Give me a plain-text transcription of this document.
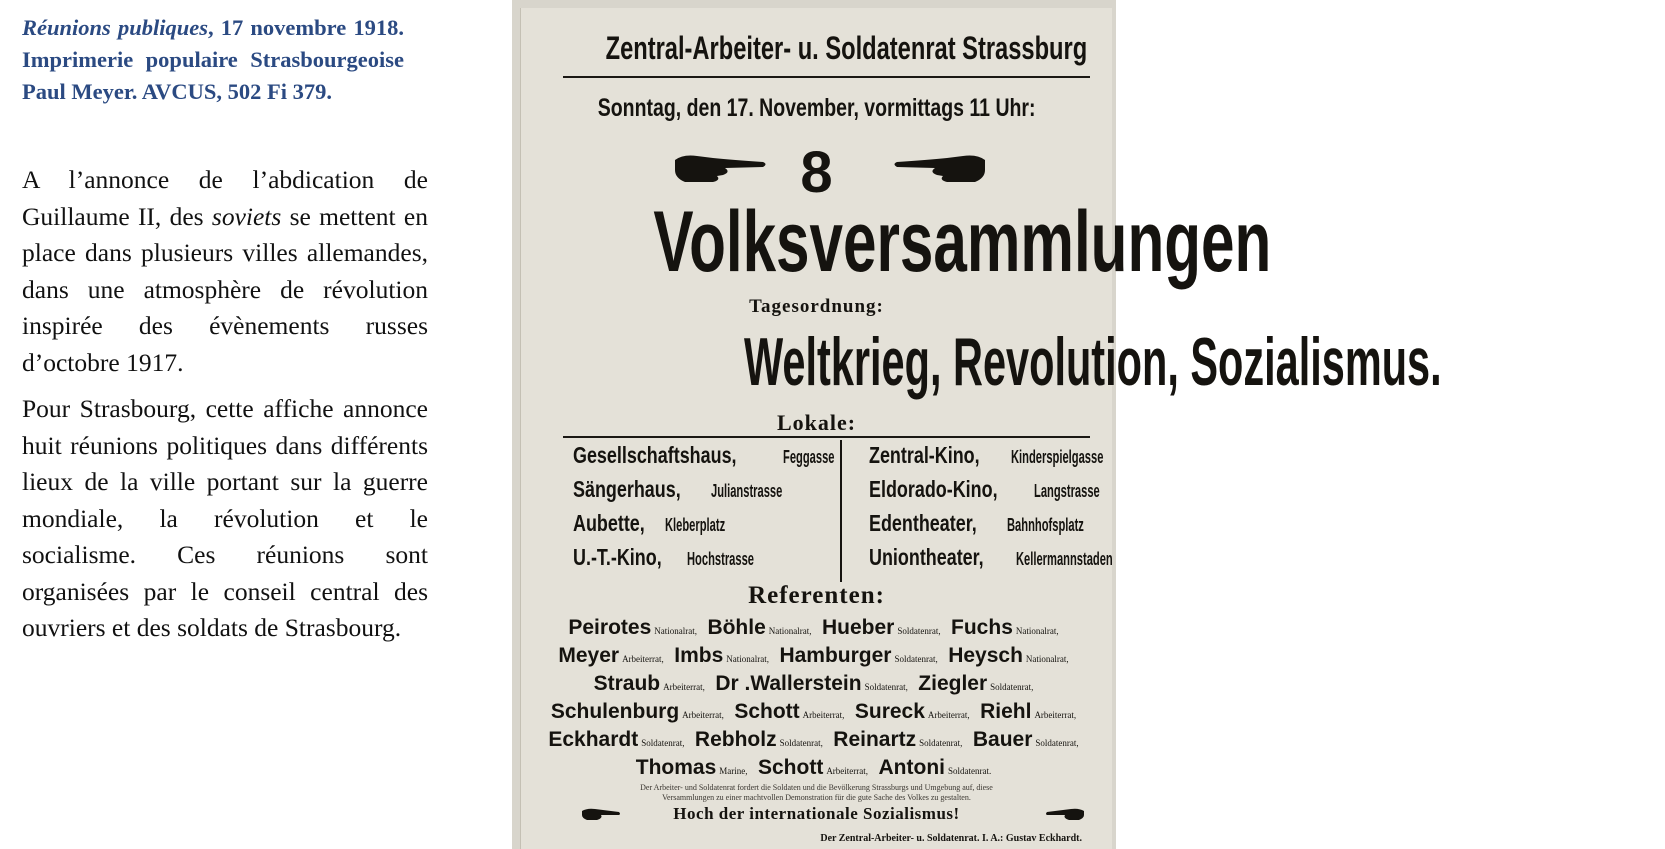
Réunions publiques, 17 novembre 1918. Imprimerie populaire Strasbourgeoise Paul Meyer. AVCUS, 502 Fi 379.

A l’annonce de l’abdication de Guillaume II, des soviets se mettent en place dans plusieurs villes allemandes, dans une atmosphère de révolution inspirée des évènements russes d’octobre 1917.

Pour Strasbourg, cette affiche annonce huit réunions politiques dans différents lieux de la ville portant sur la guerre mondiale, la révolution et le socialisme. Ces réunions sont organisées par le conseil central des ouvriers et des soldats de Strasbourg.

Zentral-Arbeiter- u. Soldatenrat Strassburg
Sonntag, den 17. November, vormittags 11 Uhr:
8
Volksversammlungen
Tagesordnung:
Weltkrieg, Revolution, Sozialismus.
Lokale:
Gesellschaftshaus,	Feggasse
Sängerhaus, Julianstrasse
Aubette, Kleberplatz
U.-T.-Kino, Hochstrasse
Zentral-Kino, Kinderspielgasse
Eldorado-Kino, Langstrasse
Edentheater, Bahnhofsplatz
Uniontheater, Kellermannstaden
Referenten:
Peirotes Nationalrat, Böhle Nationalrat, Hueber Soldatenrat, Fuchs Nationalrat,
Meyer Arbeiterrat, Imbs Nationalrat, Hamburger Soldatenrat, Heysch Nationalrat,
Straub Arbeiterrat, Dr .Wallerstein Soldatenrat, Ziegler Soldatenrat,
Schulenburg Arbeiterrat, Schott Arbeiterrat, Sureck Arbeiterrat, Riehl Arbeiterrat,
Eckhardt Soldatenrat, Rebholz Soldatenrat, Reinartz Soldatenrat, Bauer Soldatenrat,
Thomas Marine, Schott Arbeiterrat, Antoni Soldatenrat.
Der Arbeiter- und Soldatenrat fordert die Soldaten und die Bevölkerung Strassburgs und Umgebung auf, diese
Versammlungen zu einer machtvollen Demonstration für die gute Sache des Volkes zu gestalten.
Hoch der internationale Sozialismus!
Der Zentral-Arbeiter- u. Soldatenrat. I. A.: Gustav Eckhardt.
